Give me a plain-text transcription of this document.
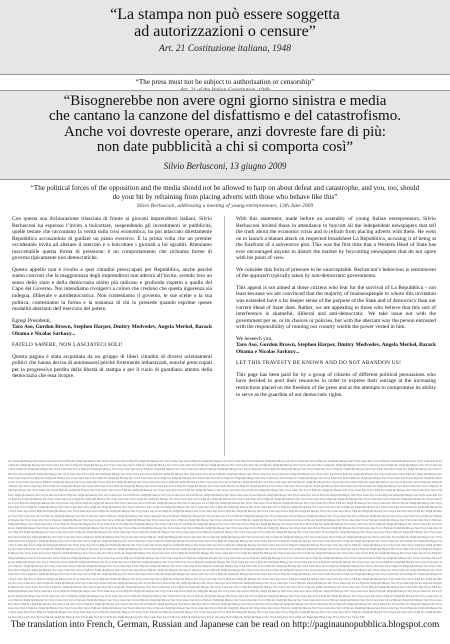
“La stampa non può essere soggetta
ad autorizzazioni o censure”
Art. 21 Costituzione italiana, 1948
“The press must not be subject to authorisation or censorship”
“Bisognerebbe non avere ogni giorno sinistra e media
che cantano la canzone del disfattismo e del catastrofismo.
Anche voi dovreste operare, anzi dovreste fare di più:
non date pubblicità a chi si comporta così”
Silvio Berlusconi, 13 giugno 2009
“The political forces of the opposition and the media should not be allowed to harp on about defeat and catastrophe, and you, too, should do your bit by refraining from placing adverts with those who behave like this”
Silvio Berlusconi, addressing a meeting of young entrepreneurs, 13th June 2009

Con questa sua dichiarazione rilasciata di fronte ai giovani imprenditori italiani, Silvio Berlusconi ha espresso l’invito a boicottare, sospendendo gli investimenti in pubblicità, quelle testate che raccontano la verità sulla crisi economica; ha poi attaccato direttamente Repubblica accusandola di guidare un piano eversivo. È la prima volta che un premier occidentale invita ad alterare il mercato e a boicottare i giornali a lui sgraditi. Riteniamo inaccettabile questa forma di pressione: è un comportamento che richiama forme di governo tipicamente non democratiche.

Questo appello non è rivolto a quei cittadini preoccupati per Repubblica, anche perché siamo convinti che la maggioranza degli imprenditori non aderirà all’invito, avendo loro un senso dello stato e della democrazia molto più radicato e profondo rispetto a quello del Capo del Governo. Noi intendiamo rivolgerci a coloro che credono che questa ingerenza sia indegna, illiberale e antidemocratica. Non contestiamo il governo, le sue scelte o la sua politica; contestiamo la forma e la sostanza di chi lo presiede quando esprime queste modalità aberranti dell’esercizio del potere.

Egregi Presidenti,

Taro Aso, Gordon Brown, Stephen Harper, Dmitry Medvedev, Angela Merkel, Barack Obama e Nicolas Sarkozy...

FATELO SAPERE, NON LASCIATECI SOLI!

Questa pagina è stata acquistata da un gruppo di liberi cittadini di diversi orientamenti politici che hanno deciso di autotassarsi perché fortemente imbarazzati, nonché preoccupati per la progressiva perdita della libertà di stampa e per il ruolo di guardiano attento della democrazia che essa ricopre.

With this statement, made before an assembly of young Italian entrepreneurs, Silvio Berlusconi invited those in attendance to boycott all the independent newspapers that tell the truth about the economic crisis and to refrain from placing adverts with them. He went on to launch a blatant attack on respected broadsheet La Repubblica, accusing it of being at the forefront of a subversive plot. This was the first time that a Western Head of State has ever encouraged anyone to distort the market by boycotting newspapers that do not agree with his point of view.

We consider this form of pressure to be unacceptable. Berlusconi’s behaviour is reminiscent of the approach typically taken by non-democratic governments.

This appeal is not aimed at those citizens who fear for the survival of La Repubblica – not least because we are convinced that the majority of businesspeople to whom this invitation was extended have a far deeper sense of the purpose of the State and of democracy than our current Head of State does. Rather, we are appealing to those who believe that this sort of interference is shameful, illiberal and anti-democratic. We take issue not with the government per se, or its choices or policies, but with the aberrant way the person entrusted with the responsibility of running our country wields the power vested in him.

We beseech you,

Taro Aso, Gordon Brown, Stephen Harper, Dmitry Medvedev, Angela Merkel, Barack Obama e Nicolas Sarkozy...

LET THIS TRAVESTY BE KNOWN AND DO NOT ABANDON US!

This page has been paid for by a group of citizens of different political persuasions who have decided to pool their resources in order to express their outrage at the increasing restrictions placed on the freedom of the press and at the attempts to compromise its ability to serve as the guardian of our democratic rights.

Abc Defgh Ijkl Mnopqr Stuv Wxyz Lmno Pqrs Tuvwx Efgh Abc Defgh Ijkl Mnopqr Stuv Wxyz Lmno Pqrs Tuvwx Efgh Abc Defgh Ijkl Mnopqr Stuv Wxyz Lmno Pqrs Tuvwx Efgh Abc Defgh Ijkl Mnopqr Stuv Wxyz Lmno Pqrs Tuvwx Efgh Abc Defgh Ijkl Mnopqr Stuv Wxyz Lmno Pqrs Tuvwx Efgh Abc Defgh Ijkl Mnopqr Stuv Wxyz Lmno Pqrs Tuvwx Efgh Abc Defgh Ijkl Mnopqr Stuv Wxyz Lmno Pqrs Tuvwx Efgh Abc Defgh Ijkl Mnopqr Stuv Wxyz Lmno Pqrs Tuvwx Efgh Abc Defgh Ijkl Mnopqr Stuv Wxyz Lmno Pqrs Tuvwx Efgh Abc Defgh Ijkl Mnopqr Stuv Wxyz Lmno Pqrs Tuvwx Efgh Abc Defgh Ijkl Mnopqr Stuv Wxyz Lmno Pqrs Tuvwx Efgh Abc Defgh Ijkl Mnopqr Stuv Wxyz Lmno Pqrs Tuvwx Efgh Abc Defgh Ijkl Mnopqr Stuv Wxyz Lmno Pqrs Tuvwx Efgh Abc Defgh Ijkl Mnopqr Stuv Wxyz Lmno Pqrs Tuvwx Efgh Abc Defgh Ijkl Mnopqr Stuv Wxyz Lmno Pqrs Tuvwx Efgh Abc Defgh Ijkl Mnopqr Stuv Wxyz Lmno Pqrs Tuvwx Efgh Abc Defgh Ijkl Mnopqr Stuv Wxyz Lmno Pqrs Tuvwx Efgh Abc Defgh Ijkl Mnopqr Stuv Wxyz Lmno Pqrs Tuvwx Efgh Abc Defgh Ijkl Mnopqr Stuv Wxyz Lmno Pqrs Tuvwx Efgh Abc Defgh Ijkl Mnopqr Stuv Wxyz Lmno Pqrs Tuvwx Efgh Abc Defgh Ijkl Mnopqr Stuv Wxyz Lmno Pqrs Tuvwx Efgh Abc Defgh Ijkl Mnopqr Stuv Wxyz Lmno Pqrs Tuvwx Efgh Abc Defgh Ijkl Mnopqr Stuv Wxyz Lmno Pqrs Tuvwx Efgh Abc Defgh Ijkl Mnopqr Stuv Wxyz Lmno Pqrs Tuvwx Efgh Abc Defgh Ijkl Mnopqr Stuv Wxyz Lmno Pqrs Tuvwx Efgh Abc Defgh Ijkl Mnopqr Stuv Wxyz Lmno Pqrs Tuvwx Efgh Abc Defgh Ijkl Mnopqr Stuv Wxyz Lmno Pqrs Tuvwx Efgh Abc Defgh Ijkl Mnopqr Stuv Wxyz Lmno Pqrs Tuvwx Efgh Abc Defgh Ijkl Mnopqr Stuv Wxyz Lmno Pqrs Tuvwx Efgh Abc Defgh Ijkl Mnopqr Stuv Wxyz Lmno Pqrs Tuvwx Efgh Abc Defgh Ijkl Mnopqr Stuv Wxyz Lmno Pqrs Tuvwx Efgh Abc Defgh Ijkl Mnopqr Stuv Wxyz Lmno Pqrs Tuvwx Efgh Abc Defgh Ijkl Mnopqr Stuv Wxyz Lmno Pqrs Tuvwx Efgh Abc Defgh Ijkl Mnopqr Stuv Wxyz Lmno Pqrs Tuvwx Efgh Abc Defgh Ijkl Mnopqr Stuv Wxyz Lmno Pqrs Tuvwx Efgh Abc Defgh Ijkl Mnopqr Stuv Wxyz Lmno Pqrs Tuvwx Efgh Abc Defgh Ijkl Mnopqr Stuv Wxyz Lmno Pqrs Tuvwx Efgh Abc Defgh Ijkl Mnopqr Stuv Wxyz Lmno Pqrs Tuvwx Efgh Abc Defgh Ijkl Mnopqr Stuv Wxyz Lmno Pqrs Tuvwx Efgh Abc Defgh Ijkl Mnopqr Stuv Wxyz Lmno Pqrs Tuvwx Efgh Abc Defgh Ijkl Mnopqr Stuv Wxyz Lmno Pqrs Tuvwx Efgh Abc Defgh Ijkl Mnopqr Stuv Wxyz Lmno Pqrs Tuvwx Efgh Abc Defgh Ijkl Mnopqr Stuv Wxyz Lmno Pqrs Tuvwx Efgh Abc Defgh Ijkl Mnopqr Stuv Wxyz Lmno Pqrs Tuvwx Efgh Abc Defgh Ijkl Mnopqr Stuv Wxyz Lmno Pqrs Tuvwx Efgh Abc Defgh Ijkl Mnopqr Stuv Wxyz Lmno Pqrs Tuvwx Efgh Abc Defgh Ijkl Mnopqr Stuv Wxyz Lmno Pqrs Tuvwx Efgh Abc Defgh Ijkl Mnopqr Stuv Wxyz Lmno Pqrs Tuvwx Efgh Abc Defgh Ijkl Mnopqr Stuv Wxyz Lmno Pqrs Tuvwx Efgh Abc Defgh Ijkl Mnopqr Stuv Wxyz Lmno Pqrs Tuvwx Efgh Abc Defgh Ijkl Mnopqr Stuv Wxyz Lmno Pqrs Tuvwx Efgh Abc Defgh Ijkl Mnopqr Stuv Wxyz Lmno Pqrs Tuvwx Efgh Abc Defgh Ijkl Mnopqr Stuv Wxyz Lmno Pqrs Tuvwx Efgh Abc Defgh Ijkl Mnopqr Stuv Wxyz Lmno Pqrs Tuvwx Efgh Abc Defgh Ijkl Mnopqr Stuv Wxyz Lmno Pqrs Tuvwx Efgh Abc Defgh Ijkl Mnopqr Stuv Wxyz Lmno Pqrs Tuvwx Efgh Abc Defgh Ijkl Mnopqr Stuv Wxyz Lmno Pqrs Tuvwx Efgh Abc Defgh Ijkl Mnopqr Stuv Wxyz Lmno Pqrs Tuvwx Efgh Abc Defgh Ijkl Mnopqr Stuv Wxyz Lmno Pqrs Tuvwx Efgh Abc Defgh Ijkl Mnopqr Stuv Wxyz Lmno Pqrs Tuvwx Efgh Abc Defgh Ijkl Mnopqr Stuv Wxyz Lmno Pqrs Tuvwx Efgh Abc Defgh Ijkl Mnopqr Stuv Wxyz Lmno Pqrs Tuvwx Efgh Abc Defgh Ijkl Mnopqr Stuv Wxyz Lmno Pqrs Tuvwx Efgh Abc Defgh Ijkl Mnopqr Stuv Wxyz Lmno Pqrs Tuvwx Efgh Abc Defgh Ijkl Mnopqr Stuv Wxyz Lmno Pqrs Tuvwx Efgh Abc Defgh Ijkl Mnopqr Stuv Wxyz Lmno Pqrs Tuvwx Efgh Abc Defgh Ijkl Mnopqr Stuv Wxyz Lmno Pqrs Tuvwx Efgh Abc Defgh Ijkl Mnopqr Stuv Wxyz Lmno Pqrs Tuvwx Efgh Abc Defgh Ijkl Mnopqr Stuv Wxyz Lmno Pqrs Tuvwx Efgh Abc Defgh Ijkl Mnopqr Stuv Wxyz Lmno Pqrs Tuvwx Efgh Abc Defgh Ijkl Mnopqr Stuv Wxyz Lmno Pqrs Tuvwx Efgh Abc Defgh Ijkl Mnopqr Stuv Wxyz Lmno Pqrs Tuvwx Efgh Abc Defgh Ijkl Mnopqr Stuv Wxyz Lmno Pqrs Tuvwx Efgh Abc Defgh Ijkl Mnopqr Stuv Wxyz Lmno Pqrs Tuvwx Efgh Abc Defgh Ijkl Mnopqr Stuv Wxyz Lmno Pqrs Tuvwx Efgh Abc Defgh Ijkl Mnopqr Stuv Wxyz Lmno Pqrs Tuvwx Efgh Abc Defgh Ijkl Mnopqr Stuv Wxyz Lmno Pqrs Tuvwx Efgh Abc Defgh Ijkl Mnopqr Stuv Wxyz Lmno Pqrs Tuvwx Efgh Abc Defgh Ijkl Mnopqr Stuv Wxyz Lmno Pqrs Tuvwx Efgh Abc Defgh Ijkl Mnopqr Stuv Wxyz Lmno Pqrs Tuvwx Efgh Abc Defgh Ijkl Mnopqr Stuv Wxyz Lmno Pqrs Tuvwx Efgh Abc Defgh Ijkl Mnopqr Stuv Wxyz Lmno Pqrs Tuvwx Efgh Abc Defgh Ijkl Mnopqr Stuv Wxyz Lmno Pqrs Tuvwx Efgh Abc Defgh Ijkl Mnopqr Stuv Wxyz Lmno Pqrs Tuvwx Efgh Abc Defgh Ijkl Mnopqr Stuv Wxyz Lmno Pqrs Tuvwx Efgh Abc Defgh Ijkl Mnopqr Stuv Wxyz Lmno Pqrs Tuvwx Efgh Abc Defgh Ijkl Mnopqr Stuv Wxyz Lmno Pqrs Tuvwx Efgh Abc Defgh Ijkl Mnopqr Stuv Wxyz Lmno Pqrs Tuvwx Efgh Abc Defgh Ijkl Mnopqr Stuv Wxyz Lmno Pqrs Tuvwx Efgh Abc Defgh Ijkl Mnopqr Stuv Wxyz Lmno Pqrs Tuvwx Efgh Abc Defgh Ijkl Mnopqr Stuv Wxyz Lmno Pqrs Tuvwx Efgh Abc Defgh Ijkl Mnopqr Stuv Wxyz Lmno Pqrs Tuvwx Efgh Abc Defgh Ijkl Mnopqr Stuv Wxyz Lmno Pqrs Tuvwx Efgh Abc Defgh Ijkl Mnopqr Stuv Wxyz Lmno Pqrs Tuvwx Efgh Abc Defgh Ijkl Mnopqr Stuv Wxyz Lmno Pqrs Tuvwx Efgh Abc Defgh Ijkl Mnopqr Stuv Wxyz Lmno Pqrs Tuvwx Efgh Abc Defgh Ijkl Mnopqr Stuv Wxyz Lmno Pqrs Tuvwx Efgh Abc Defgh Ijkl Mnopqr Stuv Wxyz Lmno Pqrs Tuvwx Efgh Abc Defgh Ijkl Mnopqr Stuv Wxyz Lmno Pqrs Tuvwx Efgh Abc Defgh Ijkl Mnopqr Stuv Wxyz Lmno Pqrs Tuvwx Efgh Abc Defgh Ijkl Mnopqr Stuv Wxyz Lmno Pqrs Tuvwx Efgh Abc Defgh Ijkl Mnopqr Stuv Wxyz Lmno Pqrs Tuvwx Efgh Abc Defgh Ijkl Mnopqr Stuv Wxyz Lmno Pqrs Tuvwx Efgh Abc Defgh Ijkl Mnopqr Stuv Wxyz Lmno Pqrs Tuvwx Efgh Abc Defgh Ijkl Mnopqr Stuv Wxyz Lmno Pqrs Tuvwx Efgh Abc Defgh Ijkl Mnopqr Stuv Wxyz Lmno Pqrs Tuvwx Efgh Abc Defgh Ijkl Mnopqr Stuv Wxyz Lmno Pqrs Tuvwx Efgh Abc Defgh Ijkl Mnopqr Stuv Wxyz Lmno Pqrs Tuvwx Efgh Abc Defgh Ijkl Mnopqr Stuv Wxyz Lmno Pqrs Tuvwx Efgh Abc Defgh Ijkl Mnopqr Stuv Wxyz Lmno Pqrs Tuvwx Efgh Abc Defgh Ijkl Mnopqr Stuv Wxyz Lmno Pqrs Tuvwx Efgh Abc Defgh Ijkl Mnopqr Stuv Wxyz Lmno Pqrs Tuvwx Efgh Abc Defgh Ijkl Mnopqr Stuv Wxyz Lmno Pqrs Tuvwx Efgh Abc Defgh Ijkl Mnopqr Stuv Wxyz Lmno Pqrs Tuvwx Efgh Abc Defgh Ijkl Mnopqr Stuv Wxyz Lmno Pqrs Tuvwx Efgh Abc Defgh Ijkl Mnopqr Stuv Wxyz Lmno Pqrs Tuvwx Efgh Abc Defgh Ijkl Mnopqr Stuv Wxyz Lmno Pqrs Tuvwx Efgh Abc Defgh Ijkl Mnopqr Stuv Wxyz Lmno Pqrs Tuvwx Efgh Abc Defgh Ijkl Mnopqr Stuv Wxyz Lmno Pqrs Tuvwx Efgh Abc Defgh Ijkl Mnopqr Stuv Wxyz Lmno Pqrs Tuvwx Efgh Abc Defgh Ijkl Mnopqr Stuv Wxyz Lmno Pqrs Tuvwx Efgh Abc Defgh Ijkl Mnopqr Stuv Wxyz Lmno Pqrs Tuvwx Efgh Abc Defgh Ijkl Mnopqr Stuv Wxyz Lmno Pqrs Tuvwx Efgh Abc Defgh Ijkl Mnopqr Stuv Wxyz Lmno Pqrs Tuvwx Efgh Abc Defgh Ijkl Mnopqr Stuv Wxyz Lmno Pqrs Tuvwx Efgh Abc Defgh Ijkl Mnopqr Stuv Wxyz Lmno Pqrs Tuvwx Efgh Abc Defgh Ijkl Mnopqr Stuv Wxyz Lmno Pqrs Tuvwx Efgh Abc Defgh Ijkl Mnopqr Stuv Wxyz Lmno Pqrs Tuvwx Efgh Abc Defgh Ijkl Mnopqr Stuv Wxyz Lmno Pqrs Tuvwx Efgh Abc Defgh Ijkl Mnopqr Stuv Wxyz Lmno Pqrs Tuvwx Efgh Abc Defgh Ijkl Mnopqr Stuv Wxyz Lmno Pqrs Tuvwx Efgh Abc Defgh Ijkl Mnopqr Stuv Wxyz Lmno Pqrs Tuvwx Efgh Abc Defgh Ijkl Mnopqr Stuv Wxyz Lmno Pqrs Tuvwx Efgh Abc Defgh Ijkl Mnopqr Stuv Wxyz Lmno Pqrs Tuvwx Efgh Abc Defgh Ijkl Mnopqr Stuv Wxyz Lmno Pqrs Tuvwx Efgh Abc Defgh Ijkl Mnopqr Stuv Wxyz Lmno Pqrs Tuvwx Efgh Abc Defgh Ijkl Mnopqr Stuv Wxyz Lmno Pqrs Tuvwx Efgh Abc Defgh Ijkl Mnopqr Stuv Wxyz Lmno Pqrs Tuvwx Efgh Abc Defgh Ijkl Mnopqr Stuv Wxyz Lmno Pqrs Tuvwx Efgh Abc Defgh Ijkl Mnopqr Stuv Wxyz Lmno Pqrs Tuvwx Efgh Abc Defgh Ijkl Mnopqr Stuv Wxyz Lmno Pqrs Tuvwx Efgh Abc Defgh Ijkl Mnopqr Stuv Wxyz Lmno Pqrs Tuvwx Efgh Abc Defgh Ijkl Mnopqr Stuv Wxyz Lmno Pqrs Tuvwx Efgh Abc Defgh Ijkl Mnopqr Stuv Wxyz Lmno Pqrs Tuvwx Efgh Abc Defgh Ijkl Mnopqr Stuv Wxyz Lmno Pqrs Tuvwx Efgh Abc Defgh Ijkl Mnopqr Stuv Wxyz Lmno Pqrs Tuvwx Efgh Abc Defgh Ijkl Mnopqr Stuv Wxyz Lmno Pqrs Tuvwx Efgh Abc Defgh Ijkl Mnopqr Stuv Wxyz Lmno Pqrs Tuvwx Efgh Abc Defgh Ijkl Mnopqr Stuv Wxyz Lmno Pqrs Tuvwx Efgh Abc Defgh Ijkl Mnopqr Stuv Wxyz Lmno Pqrs Tuvwx Efgh Abc Defgh Ijkl Mnopqr Stuv Wxyz Lmno Pqrs Tuvwx Efgh Abc Defgh Ijkl Mnopqr Stuv Wxyz Lmno Pqrs Tuvwx Efgh Abc Defgh Ijkl Mnopqr Stuv Wxyz Lmno Pqrs Tuvwx Efgh Abc Defgh Ijkl Mnopqr Stuv Wxyz Lmno Pqrs Tuvwx Efgh Abc Defgh Ijkl Mnopqr Stuv Wxyz Lmno Pqrs Tuvwx Efgh Abc Defgh Ijkl Mnopqr Stuv Wxyz Lmno Pqrs Tuvwx Efgh Abc Defgh Ijkl Mnopqr Stuv Wxyz Lmno Pqrs Tuvwx Efgh Abc Defgh Ijkl Mnopqr Stuv Wxyz Lmno Pqrs Tuvwx Efgh Abc Defgh Ijkl Mnopqr Stuv Wxyz Lmno Pqrs Tuvwx Efgh Abc Defgh Ijkl Mnopqr Stuv Wxyz Lmno Pqrs Tuvwx Efgh Abc Defgh Ijkl Mnopqr Stuv Wxyz Lmno Pqrs Tuvwx Efgh Abc Defgh Ijkl Mnopqr Stuv Wxyz Lmno Pqrs Tuvwx Efgh Abc Defgh Ijkl Mnopqr Stuv Wxyz Lmno Pqrs Tuvwx Efgh Abc Defgh Ijkl Mnopqr Stuv Wxyz Lmno Pqrs Tuvwx Efgh Abc Defgh Ijkl Mnopqr Stuv Wxyz Lmno Pqrs Tuvwx Efgh Abc Defgh Ijkl Mnopqr Stuv Wxyz Lmno Pqrs Tuvwx Efgh Abc Defgh Ijkl Mnopqr Stuv Wxyz Lmno Pqrs Tuvwx Efgh Abc Defgh Ijkl Mnopqr Stuv Wxyz Lmno Pqrs Tuvwx Efgh Abc Defgh Ijkl Mnopqr Stuv Wxyz Lmno Pqrs Tuvwx Efgh Abc Defgh Ijkl Mnopqr Stuv Wxyz Lmno Pqrs Tuvwx Efgh Abc Defgh Ijkl Mnopqr Stuv Wxyz Lmno Pqrs Tuvwx Efgh Abc Defgh Ijkl Mnopqr Stuv Wxyz Lmno Pqrs Tuvwx Efgh Abc Defgh Ijkl Mnopqr Stuv Wxyz Lmno Pqrs Tuvwx Efgh Abc Defgh Ijkl Mnopqr Stuv Wxyz Lmno Pqrs Tuvwx Efgh Abc Defgh Ijkl Mnopqr Stuv Wxyz Lmno Pqrs Tuvwx Efgh Abc Defgh Ijkl Mnopqr Stuv Wxyz Lmno Pqrs Tuvwx Efgh Abc Defgh Ijkl Mnopqr Stuv Wxyz Lmno Pqrs Tuvwx Efgh Abc Defgh Ijkl Mnopqr Stuv Wxyz Lmno Pqrs Tuvwx Efgh Abc Defgh Ijkl Mnopqr Stuv Wxyz Lmno Pqrs Tuvwx Efgh Abc Defgh Ijkl Mnopqr Stuv Wxyz Lmno Pqrs Tuvwx Efgh Abc Defgh Ijkl Mnopqr Stuv Wxyz Lmno Pqrs Tuvwx Efgh Abc Defgh Ijkl Mnopqr Stuv Wxyz Lmno Pqrs Tuvwx Efgh Abc Defgh Ijkl Mnopqr Stuv Wxyz Lmno Pqrs Tuvwx Efgh Abc Defgh Ijkl Mnopqr Stuv Wxyz Lmno Pqrs Tuvwx Efgh Abc Defgh Ijkl Mnopqr Stuv Wxyz Lmno Pqrs Tuvwx Efgh Abc Defgh Ijkl Mnopqr Stuv Wxyz Lmno Pqrs Tuvwx Efgh Abc Defgh Ijkl Mnopqr Stuv Wxyz Lmno Pqrs Tuvwx Efgh Abc Defgh Ijkl Mnopqr Stuv Wxyz Lmno Pqrs Tuvwx Efgh Abc Defgh Ijkl Mnopqr Stuv Wxyz Lmno Pqrs Tuvwx Efgh Abc Defgh Ijkl Mnopqr Stuv Wxyz Lmno Pqrs Tuvwx Efgh Abc Defgh Ijkl Mnopqr Stuv Wxyz Lmno Pqrs Tuvwx Efgh Abc Defgh Ijkl Mnopqr Stuv Wxyz Lmno Pqrs Tuvwx Efgh Abc Defgh Ijkl Mnopqr Stuv Wxyz Lmno Pqrs Tuvwx Efgh Abc Defgh Ijkl Mnopqr Stuv Wxyz Lmno Pqrs Tuvwx Efgh Abc Defgh Ijkl Mnopqr Stuv Wxyz Lmno Pqrs Tuvwx Efgh Abc Defgh Ijkl Mnopqr Stuv Wxyz Lmno Pqrs Tuvwx Efgh Abc Defgh Ijkl Mnopqr Stuv Wxyz Lmno Pqrs Tuvwx Efgh Abc Defgh Ijkl Mnopqr Stuv Wxyz Lmno Pqrs Tuvwx Efgh Abc Defgh Ijkl Mnopqr Stuv Wxyz Lmno Pqrs Tuvwx Efgh Abc Defgh Ijkl Mnopqr Stuv Wxyz Lmno Pqrs Tuvwx Efgh Abc Defgh Ijkl Mnopqr Stuv Wxyz Lmno Pqrs Tuvwx Efgh Abc Defgh Ijkl Mnopqr Stuv Wxyz Lmno Pqrs Tuvwx Efgh Abc Defgh Ijkl Mnopqr Stuv Wxyz Lmno Pqrs Tuvwx Efgh Abc Defgh Ijkl Mnopqr Stuv Wxyz Lmno Pqrs Tuvwx Efgh Abc Defgh Ijkl Mnopqr Stuv Wxyz Lmno Pqrs Tuvwx Efgh Abc Defgh Ijkl Mnopqr Stuv Wxyz Lmno Pqrs Tuvwx Efgh Abc Defgh Ijkl Mnopqr Stuv Wxyz Lmno Pqrs Tuvwx Efgh Abc Defgh Ijkl Mnopqr Stuv Wxyz Lmno Pqrs Tuvwx Efgh Abc Defgh Ijkl Mnopqr Stuv Wxyz Lmno Pqrs Tuvwx Efgh Abc Defgh Ijkl Mnopqr Stuv Wxyz Lmno Pqrs Tuvwx Efgh Abc Defgh Ijkl Mnopqr Stuv Wxyz Lmno Pqrs Tuvwx Efgh Abc Defgh Ijkl Mnopqr Stuv Wxyz Lmno Pqrs Tuvwx Efgh Abc Defgh Ijkl Mnopqr Stuv Wxyz Lmno Pqrs Tuvwx Efgh Abc Defgh Ijkl Mnopqr Stuv Wxyz Lmno Pqrs Tuvwx Efgh Abc Defgh Ijkl Mnopqr Stuv Wxyz Lmno Pqrs Tuvwx Efgh Abc Defgh Ijkl Mnopqr Stuv Wxyz Lmno Pqrs Tuvwx Efgh Abc Defgh Ijkl Mnopqr Stuv Wxyz Lmno Pqrs Tuvwx Efgh Abc Defgh Ijkl Mnopqr Stuv Wxyz Lmno Pqrs Tuvwx Efgh Abc Defgh Ijkl Mnopqr Stuv Wxyz Lmno Pqrs Tuvwx Efgh Abc Defgh Ijkl Mnopqr Stuv Wxyz Lmno Pqrs Tuvwx Efgh Abc Defgh Ijkl Mnopqr Stuv Wxyz Lmno Pqrs Tuvwx Efgh Abc Defgh Ijkl Mnopqr Stuv Wxyz Lmno Pqrs Tuvwx Efgh Abc Defgh Ijkl Mnopqr Stuv Wxyz Lmno Pqrs Tuvwx Efgh Abc Defgh Ijkl Mnopqr Stuv Wxyz Lmno Pqrs Tuvwx Efgh Abc Defgh Ijkl Mnopqr Stuv Wxyz Lmno Pqrs Tuvwx Efgh Abc Defgh Ijkl Mnopqr Stuv Wxyz Lmno Pqrs Tuvwx Efgh Abc Defgh Ijkl Mnopqr Stuv Wxyz Lmno Pqrs Tuvwx Efgh Abc Defgh Ijkl Mnopqr Stuv Wxyz Lmno Pqrs Tuvwx Efgh Abc Defgh Ijkl Mnopqr Stuv Wxyz Lmno Pqrs Tuvwx Efgh Abc Defgh Ijkl Mnopqr Stuv Wxyz Lmno Pqrs Tuvwx Efgh Abc Defgh Ijkl Mnopqr Stuv Wxyz Lmno Pqrs Tuvwx Efgh Abc Defgh Ijkl Mnopqr Stuv Wxyz Lmno Pqrs Tuvwx Efgh Abc Defgh Ijkl Mnopqr Stuv Wxyz Lmno Pqrs Tuvwx Efgh Abc Defgh Ijkl Mnopqr Stuv Wxyz Lmno Pqrs Tuvwx Efgh Abc Defgh Ijkl Mnopqr Stuv Wxyz Lmno Pqrs Tuvwx Efgh Abc Defgh Ijkl Mnopqr Stuv Wxyz Lmno Pqrs Tuvwx Efgh Abc Defgh Ijkl Mnopqr Stuv Wxyz Lmno Pqrs Tuvwx Efgh Abc Defgh Ijkl Mnopqr Stuv Wxyz Lmno Pqrs Tuvwx Efgh Abc Defgh Ijkl Mnopqr Stuv Wxyz Lmno Pqrs Tuvwx Efgh Abc Defgh Ijkl Mnopqr Stuv Wxyz Lmno Pqrs Tuvwx Efgh Abc Defgh Ijkl Mnopqr Stuv Wxyz Lmno Pqrs Tuvwx Efgh Abc Defgh Ijkl Mnopqr Stuv Wxyz Lmno Pqrs Tuvwx Efgh Abc Defgh Ijkl Mnopqr Stuv Wxyz Lmno Pqrs Tuvwx Efgh Abc Defgh Ijkl Mnopqr Stuv Wxyz Lmno Pqrs Tuvwx Efgh Abc Defgh Ijkl Mnopqr Stuv Wxyz Lmno Pqrs Tuvwx Efgh Abc Defgh Ijkl Mnopqr Stuv Wxyz Lmno Pqrs Tuvwx Efgh Abc Defgh Ijkl Mnopqr Stuv Wxyz Lmno Pqrs Tuvwx Efgh Abc Defgh Ijkl Mnopqr Stuv Wxyz Lmno Pqrs Tuvwx Efgh Abc Defgh Ijkl Mnopqr Stuv Wxyz Lmno Pqrs Tuvwx Efgh Abc Defgh Ijkl Mnopqr Stuv Wxyz Lmno Pqrs Tuvwx Efgh Abc Defgh Ijkl Mnopqr Stuv Wxyz Lmno Pqrs Tuvwx Efgh Abc Defgh Ijkl Mnopqr Stuv Wxyz Lmno Pqrs Tuvwx Efgh Abc Defgh Ijkl Mnopqr Stuv Wxyz Lmno Pqrs Tuvwx Efgh Abc Defgh Ijkl Mnopqr Stuv Wxyz Lmno Pqrs Tuvwx Efgh Abc Defgh Ijkl Mnopqr Stuv Wxyz Lmno Pqrs Tuvwx Efgh Abc Defgh Ijkl Mnopqr Stuv Wxyz Lmno Pqrs Tuvwx Efgh Abc Defgh Ijkl Mnopqr Stuv Wxyz Lmno Pqrs Tuvwx Efgh Abc Defgh Ijkl Mnopqr Stuv Wxyz Lmno Pqrs Tuvwx Efgh Abc Defgh Ijkl Mnopqr Stuv Wxyz Lmno Pqrs Tuvwx Efgh Abc Defgh Ijkl Mnopqr Stuv Wxyz Lmno Pqrs Tuvwx Efgh
The translation into French, German, Russian and Japanese can be read on http://paginaunopubblica.blogspot.com
